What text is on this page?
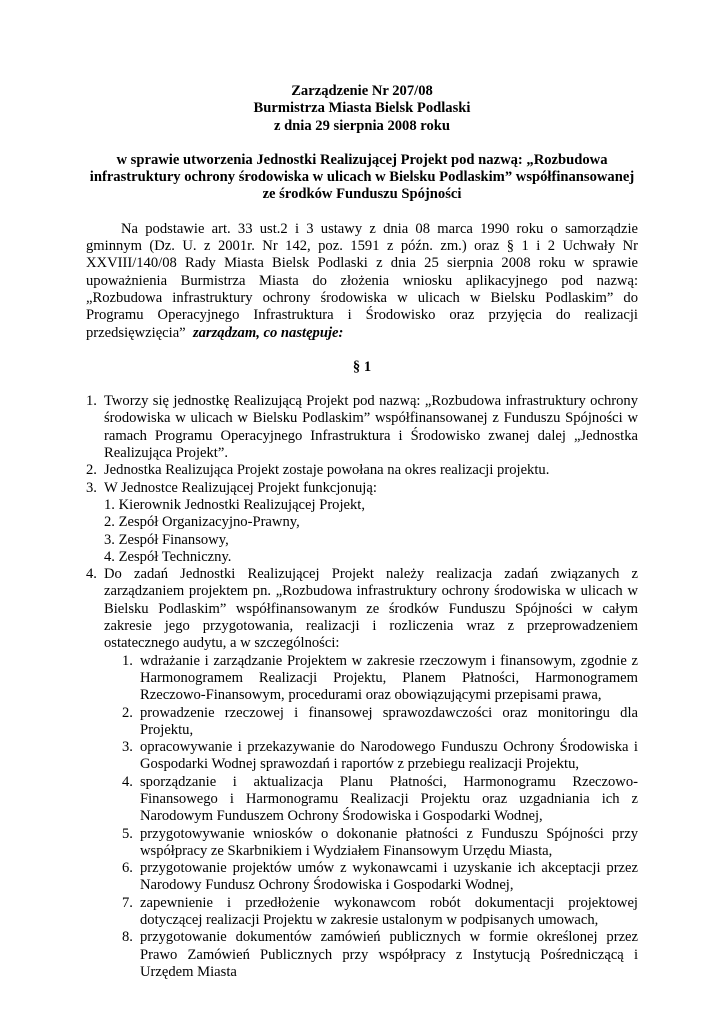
Zarządzenie Nr 207/08
Burmistrza Miasta Bielsk Podlaski
z dnia 29 sierpnia 2008 roku
w sprawie utworzenia Jednostki Realizującej Projekt pod nazwą: „Rozbudowa infrastruktury ochrony środowiska w ulicach w Bielsku Podlaskim” współfinansowanej ze środków Funduszu Spójności
Na podstawie art. 33 ust.2 i 3 ustawy z dnia 08 marca 1990 roku o samorządzie gminnym (Dz. U. z 2001r. Nr 142, poz. 1591 z późn. zm.) oraz § 1 i 2 Uchwały Nr XXVIII/140/08 Rady Miasta Bielsk Podlaski z dnia 25 sierpnia 2008 roku w sprawie upoważnienia Burmistrza Miasta do złożenia wniosku aplikacyjnego pod nazwą: „Rozbudowa infrastruktury ochrony środowiska w ulicach w Bielsku Podlaskim” do Programu Operacyjnego Infrastruktura i Środowisko oraz przyjęcia do realizacji przedsięwzięcia” zarządzam, co następuje:
§ 1
1. Tworzy się jednostkę Realizującą Projekt pod nazwą: „Rozbudowa infrastruktury ochrony środowiska w ulicach w Bielsku Podlaskim” współfinansowanej z Funduszu Spójności w ramach Programu Operacyjnego Infrastruktura i Środowisko zwanej dalej „Jednostka Realizująca Projekt”.
2. Jednostka Realizująca Projekt zostaje powołana na okres realizacji projektu.
3. W Jednostce Realizującej Projekt funkcjonują:
1. Kierownik Jednostki Realizującej Projekt,
2. Zespół Organizacyjno-Prawny,
3. Zespół Finansowy,
4. Zespół Techniczny.
4. Do zadań Jednostki Realizującej Projekt należy realizacja zadań związanych z zarządzaniem projektem pn. „Rozbudowa infrastruktury ochrony środowiska w ulicach w Bielsku Podlaskim” współfinansowanym ze środków Funduszu Spójności w całym zakresie jego przygotowania, realizacji i rozliczenia wraz z przeprowadzeniem ostatecznego audytu, a w szczególności:
1. wdrażanie i zarządzanie Projektem w zakresie rzeczowym i finansowym, zgodnie z Harmonogramem Realizacji Projektu, Planem Płatności, Harmonogramem Rzeczowo-Finansowym, procedurami oraz obowiązującymi przepisami prawa,
2. prowadzenie rzeczowej i finansowej sprawozdawczości oraz monitoringu dla Projektu,
3. opracowywanie i przekazywanie do Narodowego Funduszu Ochrony Środowiska i Gospodarki Wodnej sprawozdań i raportów z przebiegu realizacji Projektu,
4. sporządzanie i aktualizacja Planu Płatności, Harmonogramu Rzeczowo- Finansowego i Harmonogramu Realizacji Projektu oraz uzgadniania ich z Narodowym Funduszem Ochrony Środowiska i Gospodarki Wodnej,
5. przygotowywanie wniosków o dokonanie płatności z Funduszu Spójności przy współpracy ze Skarbnikiem i Wydziałem Finansowym Urzędu Miasta,
6. przygotowanie projektów umów z wykonawcami i uzyskanie ich akceptacji przez Narodowy Fundusz Ochrony Środowiska i Gospodarki Wodnej,
7. zapewnienie i przedłożenie wykonawcom robót dokumentacji projektowej dotyczącej realizacji Projektu w zakresie ustalonym w podpisanych umowach,
8. przygotowanie dokumentów zamówień publicznych w formie określonej przez Prawo Zamówień Publicznych przy współpracy z Instytucją Pośredniczącą i Urzędem Miasta
